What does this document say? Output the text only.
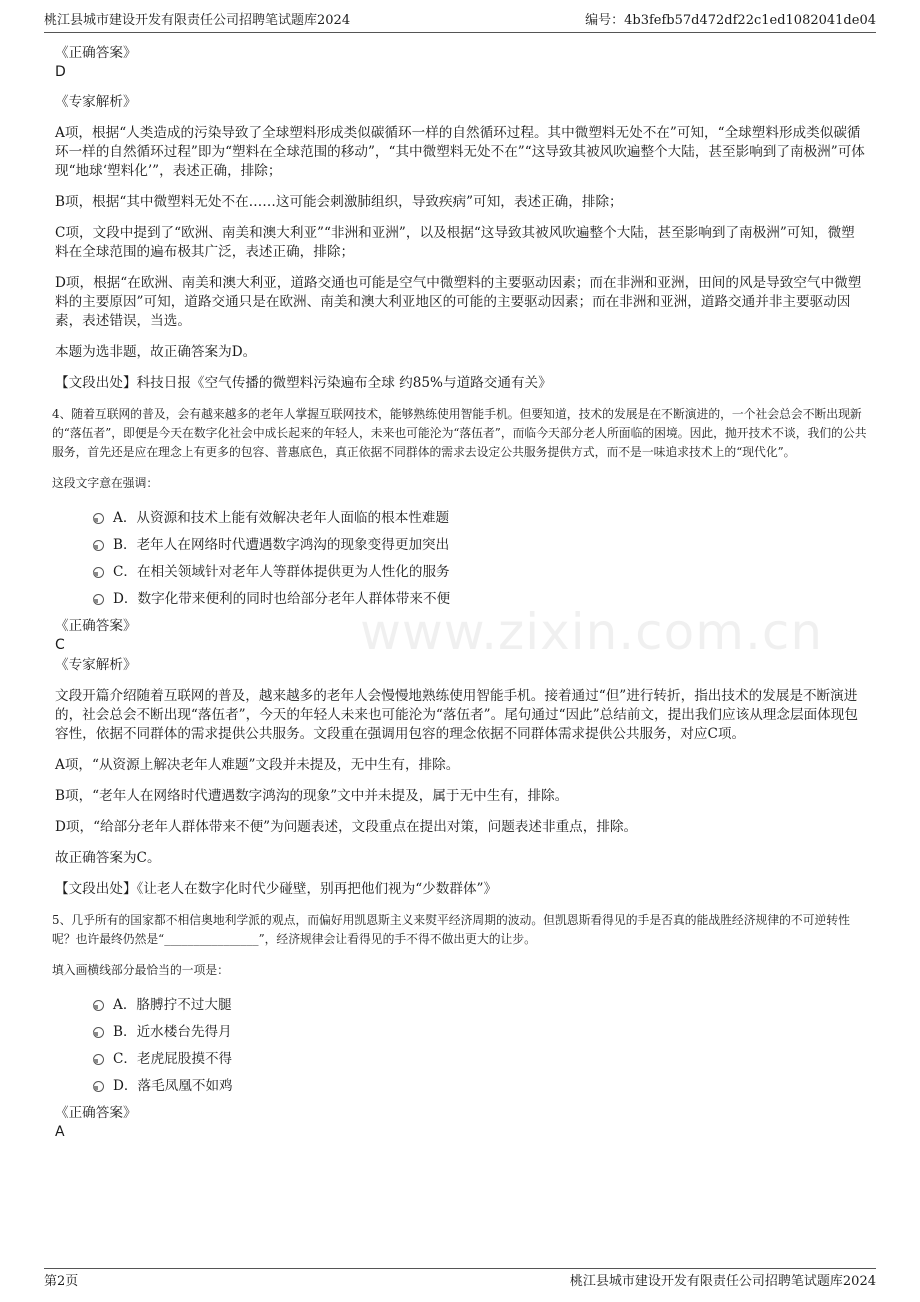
桃江县城市建设开发有限责任公司招聘笔试题库2024	编号：4b3fefb57d472df22c1ed1082041de04
www.zixin.com.cn

《正确答案》

D

《专家解析》

A项，根据“人类造成的污染导致了全球塑料形成类似碳循环一样的自然循环过程。其中微塑料无处不在”可知，“全球塑料形成类似碳循环一样的自然循环过程”即为“塑料在全球范围的移动”，“其中微塑料无处不在”“这导致其被风吹遍整个大陆，甚至影响到了南极洲”可体现“地球‘塑料化’”，表述正确，排除；

B项，根据“其中微塑料无处不在……这可能会刺激肺组织，导致疾病”可知，表述正确，排除；

C项，文段中提到了“欧洲、南美和澳大利亚”“非洲和亚洲”，以及根据“这导致其被风吹遍整个大陆，甚至影响到了南极洲”可知，微塑料在全球范围的遍布极其广泛，表述正确，排除；

D项，根据“在欧洲、南美和澳大利亚，道路交通也可能是空气中微塑料的主要驱动因素；而在非洲和亚洲，田间的风是导致空气中微塑料的主要原因”可知，道路交通只是在欧洲、南美和澳大利亚地区的可能的主要驱动因素；而在非洲和亚洲，道路交通并非主要驱动因素，表述错误，当选。

本题为选非题，故正确答案为D。

【文段出处】科技日报《空气传播的微塑料污染遍布全球 约85%与道路交通有关》

4、随着互联网的普及，会有越来越多的老年人掌握互联网技术，能够熟练使用智能手机。但要知道，技术的发展是在不断演进的，一个社会总会不断出现新的“落伍者”，即便是今天在数字化社会中成长起来的年轻人，未来也可能沦为“落伍者”，而临今天部分老人所面临的困境。因此，抛开技术不谈，我们的公共服务，首先还是应在理念上有更多的包容、普惠底色，真正依据不同群体的需求去设定公共服务提供方式，而不是一味追求技术上的“现代化”。

这段文字意在强调：

A．从资源和技术上能有效解决老年人面临的根本性难题
B．老年人在网络时代遭遇数字鸿沟的现象变得更加突出
C．在相关领域针对老年人等群体提供更为人性化的服务
D．数字化带来便利的同时也给部分老年人群体带来不便

《正确答案》

C

《专家解析》

文段开篇介绍随着互联网的普及，越来越多的老年人会慢慢地熟练使用智能手机。接着通过“但”进行转折，指出技术的发展是不断演进的，社会总会不断出现“落伍者”，今天的年轻人未来也可能沦为“落伍者”。尾句通过“因此”总结前文，提出我们应该从理念层面体现包容性，依据不同群体的需求提供公共服务。文段重在强调用包容的理念依据不同群体需求提供公共服务，对应C项。

A项，“从资源上解决老年人难题”文段并未提及，无中生有，排除。

B项，“老年人在网络时代遭遇数字鸿沟的现象”文中并未提及，属于无中生有，排除。

D项，“给部分老年人群体带来不便”为问题表述，文段重点在提出对策，问题表述非重点，排除。

故正确答案为C。

【文段出处】《让老人在数字化时代少碰壁，别再把他们视为“少数群体”》

5、几乎所有的国家都不相信奥地利学派的观点，而偏好用凯恩斯主义来熨平经济周期的波动。但凯恩斯看得见的手是否真的能战胜经济规律的不可逆转性呢？也许最终仍然是“________________”，经济规律会让看得见的手不得不做出更大的让步。

填入画横线部分最恰当的一项是：

A．胳膊拧不过大腿
B．近水楼台先得月
C．老虎屁股摸不得
D．落毛凤凰不如鸡

《正确答案》

A

第2页	桃江县城市建设开发有限责任公司招聘笔试题库2024
